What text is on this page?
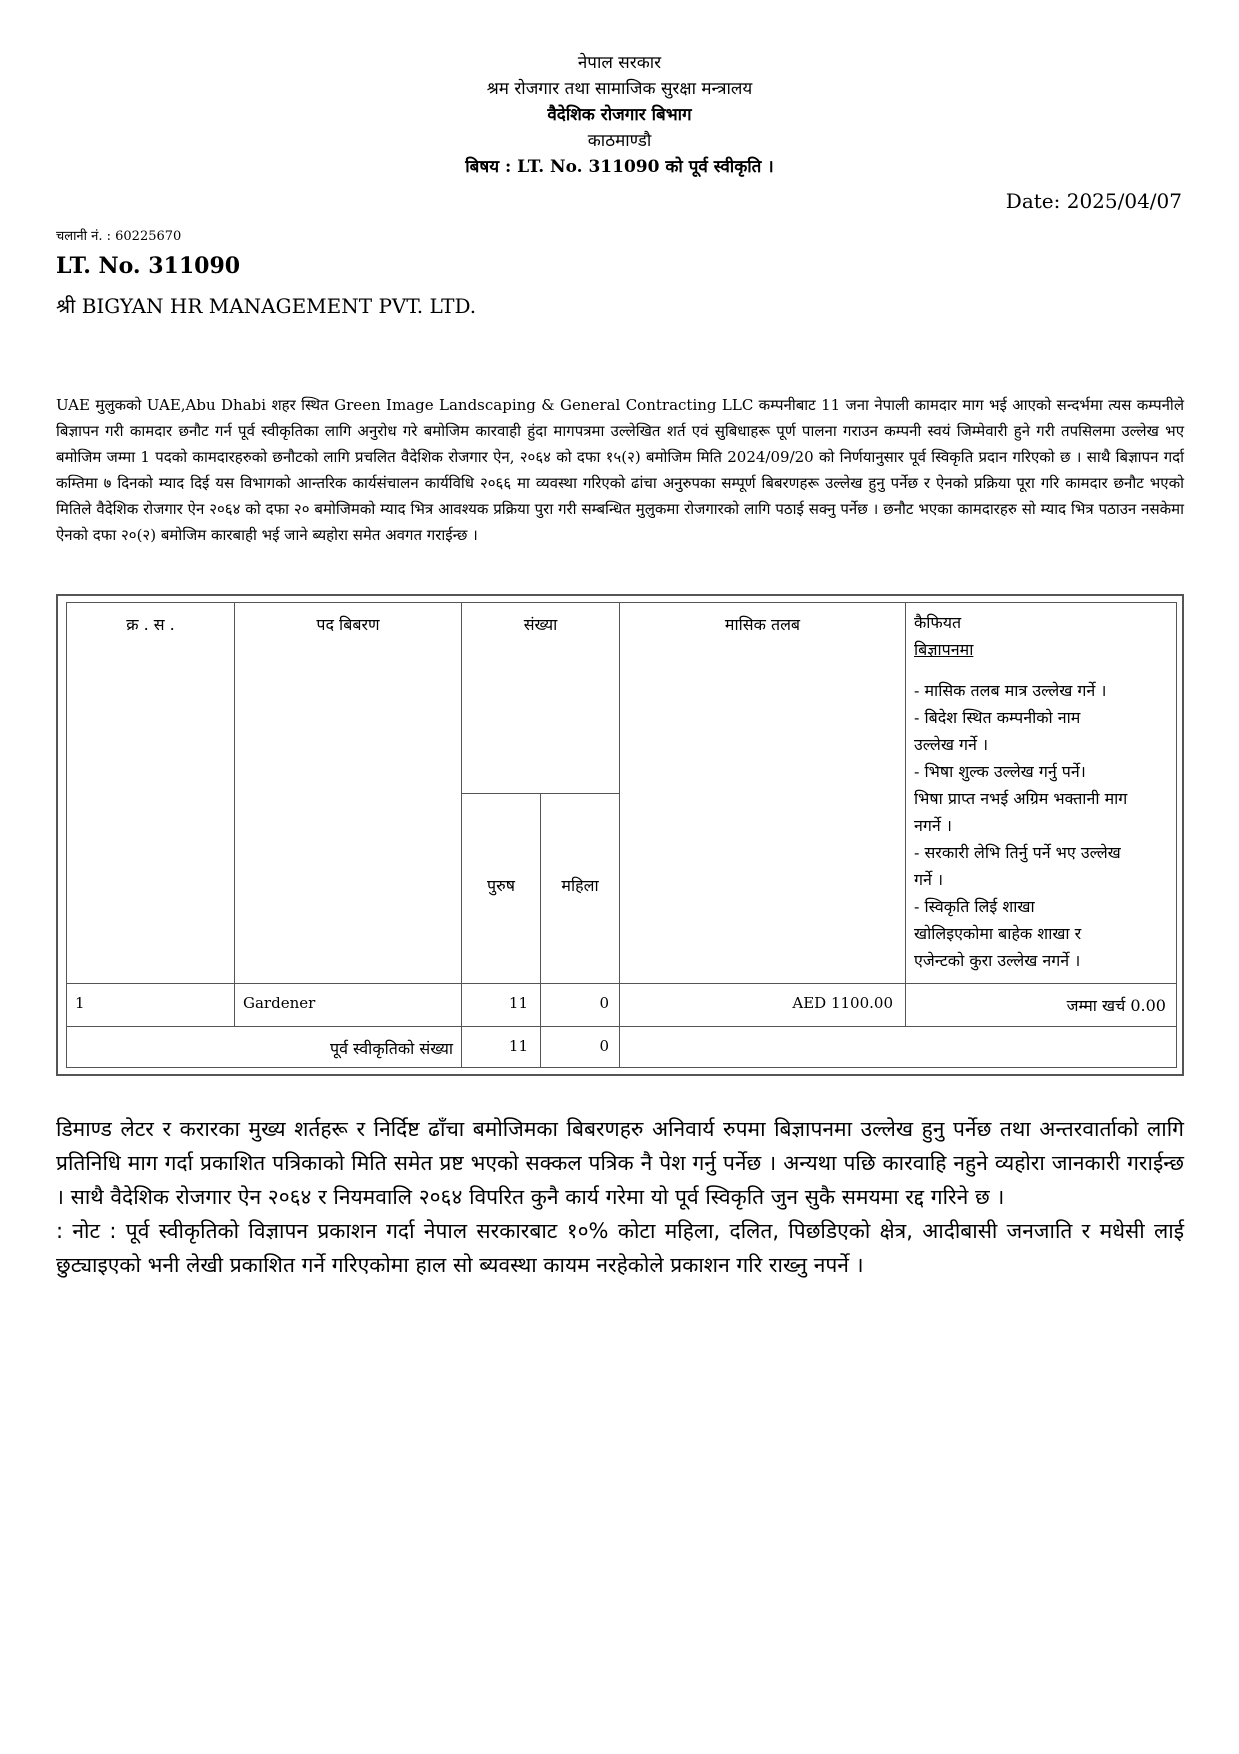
नेपाल सरकार
श्रम रोजगार तथा सामाजिक सुरक्षा मन्त्रालय
वैदेशिक रोजगार बिभाग
काठमाण्डौ
बिषय : LT. No. 311090 को पूर्व स्वीकृति ।
Date: 2025/04/07
चलानी नं. : 60225670
LT. No. 311090
श्री BIGYAN HR MANAGEMENT PVT. LTD.
UAE मुलुकको UAE,Abu Dhabi शहर स्थित Green Image Landscaping & General Contracting LLC कम्पनीबाट 11 जना नेपाली कामदार माग भई आएको सन्दर्भमा त्यस कम्पनीले बिज्ञापन गरी कामदार छनौट गर्न पूर्व स्वीकृतिका लागि अनुरोध गरे बमोजिम कारवाही हुंदा मागपत्रमा उल्लेखित शर्त एवं सुबिधाहरू पूर्ण पालना गराउन कम्पनी स्वयं जिम्मेवारी हुने गरी तपसिलमा उल्लेख भए बमोजिम जम्मा 1 पदको कामदारहरुको छनौटको लागि प्रचलित वैदेशिक रोजगार ऐन, २०६४ को दफा १५(२) बमोजिम मिति 2024/09/20 को निर्णयानुसार पूर्व स्विकृति प्रदान गरिएको छ । साथै बिज्ञापन गर्दा कम्तिमा ७ दिनको म्याद दिई यस विभागको आन्तरिक कार्यसंचालन कार्यविधि २०६६ मा व्यवस्था गरिएको ढांचा अनुरुपका सम्पूर्ण बिबरणहरू उल्लेख हुनु पर्नेछ र ऐनको प्रक्रिया पूरा गरि कामदार छनौट भएको मितिले वैदेशिक रोजगार ऐन २०६४ को दफा २० बमोजिमको म्याद भित्र आवश्यक प्रक्रिया पुरा गरी सम्बन्धित मुलुकमा रोजगारको लागि पठाई सक्नु पर्नेछ । छनौट भएका कामदारहरु सो म्याद भित्र पठाउन नसकेमा ऐनको दफा २०(२) बमोजिम कारबाही भई जाने ब्यहोरा समेत अवगत गराईन्छ ।
क्र . स .	पद बिबरण	संख्या
पुरुष	महिला
मासिक तलब	कैफियत
बिज्ञापनमा
- मासिक तलब मात्र उल्लेख गर्ने ।
- बिदेश स्थित कम्पनीको नाम
उल्लेख गर्ने ।
- भिषा शुल्क उल्लेख गर्नु पर्ने।
भिषा प्राप्त नभई अग्रिम भक्तानी माग
नगर्ने ।
- सरकारी लेभि तिर्नु पर्ने भए उल्लेख
गर्ने ।
- स्विकृति लिई शाखा
खोलिइएकोमा बाहेक शाखा र
एजेन्टको कुरा उल्लेख नगर्ने ।
1	Gardener	11	0	AED 1100.00	जम्मा खर्च 0.00
पूर्व स्वीकृतिको संख्या	11	0

डिमाण्ड लेटर र करारका मुख्य शर्तहरू र निर्दिष्ट ढाँचा बमोजिमका बिबरणहरु अनिवार्य रुपमा बिज्ञापनमा उल्लेख हुनु पर्नेछ तथा अन्तरवार्ताको लागि प्रतिनिधि माग गर्दा प्रकाशित पत्रिकाको मिति समेत प्रष्ट भएको सक्कल पत्रिक नै पेश गर्नु पर्नेछ । अन्यथा पछि कारवाहि नहुने व्यहोरा जानकारी गराईन्छ । साथै वैदेशिक रोजगार ऐन २०६४ र नियमवालि २०६४ विपरित कुनै कार्य गरेमा यो पूर्व स्विकृति जुन सुकै समयमा रद्द गरिने छ ।

: नोट : पूर्व स्वीकृतिको विज्ञापन प्रकाशन गर्दा नेपाल सरकारबाट १०% कोटा महिला, दलित, पिछडिएको क्षेत्र, आदीबासी जनजाति र मधेसी लाई छुट्याइएको भनी लेखी प्रकाशित गर्ने गरिएकोमा हाल सो ब्यवस्था कायम नरहेकोले प्रकाशन गरि राख्नु नपर्ने ।
